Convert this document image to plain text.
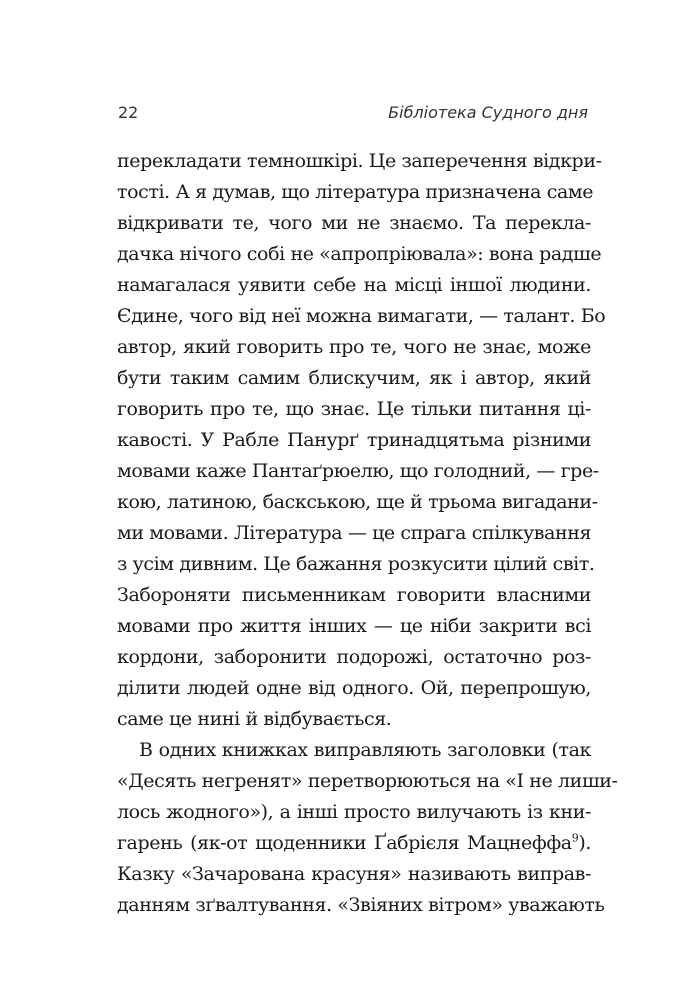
22	Бібліотека Судного дня
перекладати темношкірі. Це заперечення відкри-
тості. А я думав, що література призначена саме
відкривати те, чого ми не знаємо. Та перекла-
дачка нічого собі не «апропріювала»: вона радше
намагалася уявити себе на місці іншої людини.
Єдине, чого від неї можна вимагати, — талант. Бо
автор, який говорить про те, чого не знає, може
бути таким самим блискучим, як і автор, який
говорить про те, що знає. Це тільки питання ці-
кавості. У Рабле Панурґ тринадцятьма різними
мовами каже Пантаґрюелю, що голодний, — гре-
кою, латиною, баскською, ще й трьома вигадани-
ми мовами. Література — це спрага спілкування
з усім дивним. Це бажання розкусити цілий світ.
Забороняти письменникам говорити власними
мовами про життя інших — це ніби закрити всі
кордони, заборонити подорожі, остаточно роз-
ділити людей одне від одного. Ой, перепрошую,
саме це нині й відбувається.
В одних книжках виправляють заголовки (так
«Десять негренят» перетворюються на «І не лиши-
лось жодного»), а інші просто вилучають із кни-
гарень (як-от щоденники Ґабрієля Мацнеффа$^9$).
Казку «Зачарована красуня» називають виправ-
данням зґвалтування. «Звіяних вітром» уважають
